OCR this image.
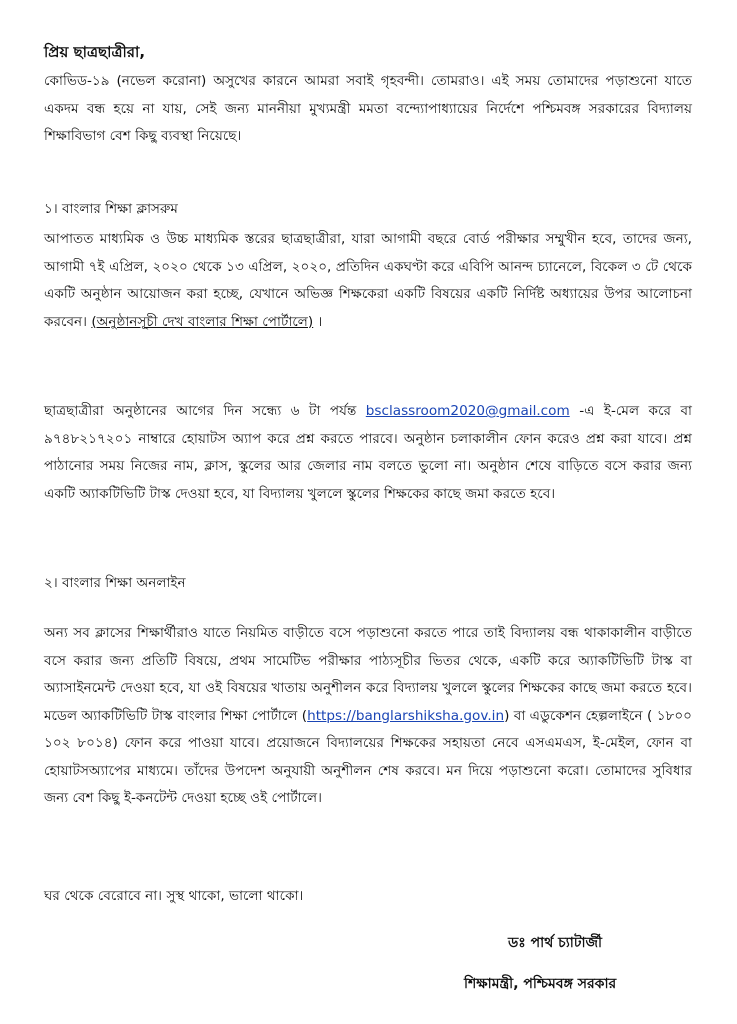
প্রিয় ছাত্রছাত্রীরা,
কোভিড-১৯ (নভেল করোনা) অসুখের কারনে আমরা সবাই গৃহবন্দী। তোমরাও। এই সময় তোমাদের পড়াশুনো যাতে একদম বন্ধ হয়ে না যায়, সেই জন্য মাননীয়া মুখ্যমন্ত্রী মমতা বন্দ্যোপাধ্যায়ের নির্দেশে পশ্চিমবঙ্গ সরকারের বিদ্যালয় শিক্ষাবিভাগ বেশ কিছু ব্যবস্থা নিয়েছে।
১। বাংলার শিক্ষা ক্লাসরুম
আপাতত মাধ্যমিক ও উচ্চ মাধ্যমিক স্তরের ছাত্রছাত্রীরা, যারা আগামী বছরে বোর্ড পরীক্ষার সম্মুখীন হবে, তাদের জন্য, আগামী ৭ই এপ্রিল, ২০২০ থেকে ১৩ এপ্রিল, ২০২০, প্রতিদিন একঘণ্টা করে এবিপি আনন্দ চ্যানেলে, বিকেল ৩ টে থেকে একটি অনুষ্ঠান আয়োজন করা হচ্ছে, যেখানে অভিজ্ঞ শিক্ষকেরা একটি বিষয়ের একটি নির্দিষ্ট অধ্যায়ের উপর আলোচনা করবেন। (অনুষ্ঠানসূচী দেখ বাংলার শিক্ষা পোর্টালে) ।
ছাত্রছাত্রীরা অনুষ্ঠানের আগের দিন সন্ধ্যে ৬ টা পর্যন্ত bsclassroom2020@gmail.com -এ ই-মেল করে বা ৯৭৪৮২১৭২০১ নাম্বারে হোয়াটস অ্যাপ করে প্রশ্ন করতে পারবে। অনুষ্ঠান চলাকালীন ফোন করেও প্রশ্ন করা যাবে। প্রশ্ন পাঠানোর সময় নিজের নাম, ক্লাস, স্কুলের আর জেলার নাম বলতে ভুলো না। অনুষ্ঠান শেষে বাড়িতে বসে করার জন্য একটি অ্যাকটিভিটি টাস্ক দেওয়া হবে, যা বিদ্যালয় খুললে স্কুলের শিক্ষকের কাছে জমা করতে হবে।
২। বাংলার শিক্ষা অনলাইন
অন্য সব ক্লাসের শিক্ষার্থীরাও যাতে নিয়মিত বাড়ীতে বসে পড়াশুনো করতে পারে তাই বিদ্যালয় বন্ধ থাকাকালীন বাড়ীতে বসে করার জন্য প্রতিটি বিষয়ে, প্রথম সামেটিভ পরীক্ষার পাঠ্যসূচীর ভিতর থেকে, একটি করে অ্যাকটিভিটি টাস্ক বা অ্যাসাইনমেন্ট দেওয়া হবে, যা ওই বিষয়ের খাতায় অনুশীলন করে বিদ্যালয় খুললে স্কুলের শিক্ষকের কাছে জমা করতে হবে। মডেল অ্যাকটিভিটি টাস্ক বাংলার শিক্ষা পোর্টালে (https://banglarshiksha.gov.in) বা এডুকেশন হেল্পলাইনে ( ১৮০০ ১০২ ৮০১৪) ফোন করে পাওয়া যাবে। প্রয়োজনে বিদ্যালয়ের শিক্ষকের সহায়তা নেবে এসএমএস, ই-মেইল, ফোন বা হোয়াটসঅ্যাপের মাধ্যমে। তাঁদের উপদেশ অনুযায়ী অনুশীলন শেষ করবে। মন দিয়ে পড়াশুনো করো। তোমাদের সুবিধার জন্য বেশ কিছু ই-কনটেন্ট দেওয়া হচ্ছে ওই পোর্টালে।
ঘর থেকে বেরোবে না। সুস্থ থাকো, ভালো থাকো।
ডঃ পার্থ চ্যাটার্জী
শিক্ষামন্ত্রী, পশ্চিমবঙ্গ সরকার
